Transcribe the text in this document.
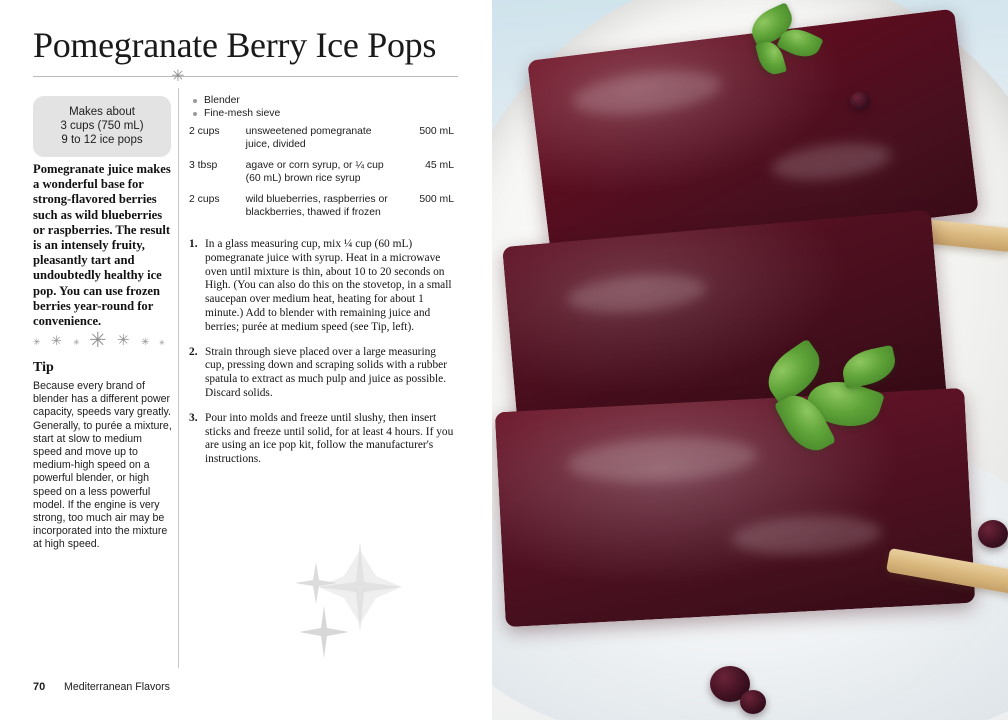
Pomegranate Berry Ice Pops
✳
Makes about
3 cups (750 mL)
9 to 12 ice pops
Pomegranate juice makes a wonderful base for strong-flavored berries such as wild blueberries or raspberries. The result is an intensely fruity, pleasantly tart and undoubtedly healthy ice pop. You can use frozen berries year-round for convenience.
✳ ✳ ✳ ✳ ✳ ✳ ✳
Tip
Because every brand of blender has a different power capacity, speeds vary greatly. Generally, to purée a mixture, start at slow to medium speed and move up to medium-high speed on a powerful blender, or high speed on a less powerful model. If the engine is very strong, too much air may be incorporated into the mixture at high speed.
Blender
Fine-mesh sieve
2 cups	unsweetened pomegranate juice, divided	500 mL
3 tbsp	agave or corn syrup, or ¼ cup (60 mL) brown rice syrup	45 mL
2 cups	wild blueberries, raspberries or blackberries, thawed if frozen	500 mL
1. In a glass measuring cup, mix ¼ cup (60 mL) pomegranate juice with syrup. Heat in a microwave oven until mixture is thin, about 10 to 20 seconds on High. (You can also do this on the stovetop, in a small saucepan over medium heat, heating for about 1 minute.) Add to blender with remaining juice and berries; purée at medium speed (see Tip, left).
2. Strain through sieve placed over a large measuring cup, pressing down and scraping solids with a rubber spatula to extract as much pulp and juice as possible. Discard solids.
3. Pour into molds and freeze until slushy, then insert sticks and freeze until solid, for at least 4 hours. If you are using an ice pop kit, follow the manufacturer's instructions.
70 Mediterranean Flavors
